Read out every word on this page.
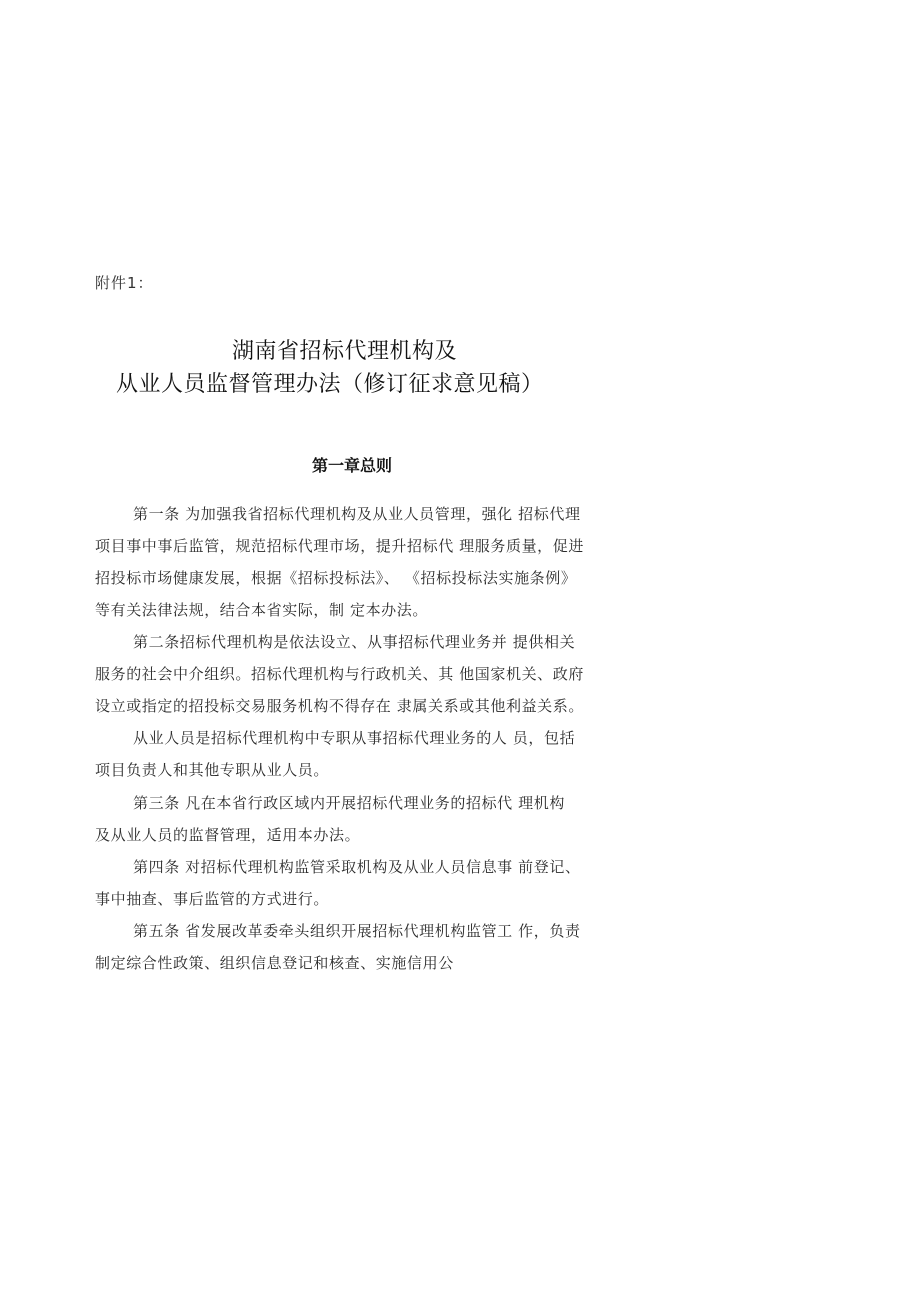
附件1：
湖南省招标代理机构及
从业人员监督管理办法（修订征求意见稿）
第一章总则
第一条 为加强我省招标代理机构及从业人员管理，强化 招标代理
项目事中事后监管，规范招标代理市场，提升招标代 理服务质量，促进
招投标市场健康发展，根据《招标投标法》、 《招标投标法实施条例》
等有关法律法规，结合本省实际，制 定本办法。
第二条招标代理机构是依法设立、从事招标代理业务并 提供相关
服务的社会中介组织。招标代理机构与行政机关、其 他国家机关、政府
设立或指定的招投标交易服务机构不得存在 隶属关系或其他利益关系。
从业人员是招标代理机构中专职从事招标代理业务的人 员，包括
项目负责人和其他专职从业人员。
第三条 凡在本省行政区域内开展招标代理业务的招标代 理机构
及从业人员的监督管理，适用本办法。
第四条 对招标代理机构监管采取机构及从业人员信息事 前登记、
事中抽查、事后监管的方式进行。
第五条 省发展改革委牵头组织开展招标代理机构监管工 作，负责
制定综合性政策、组织信息登记和核查、实施信用公
